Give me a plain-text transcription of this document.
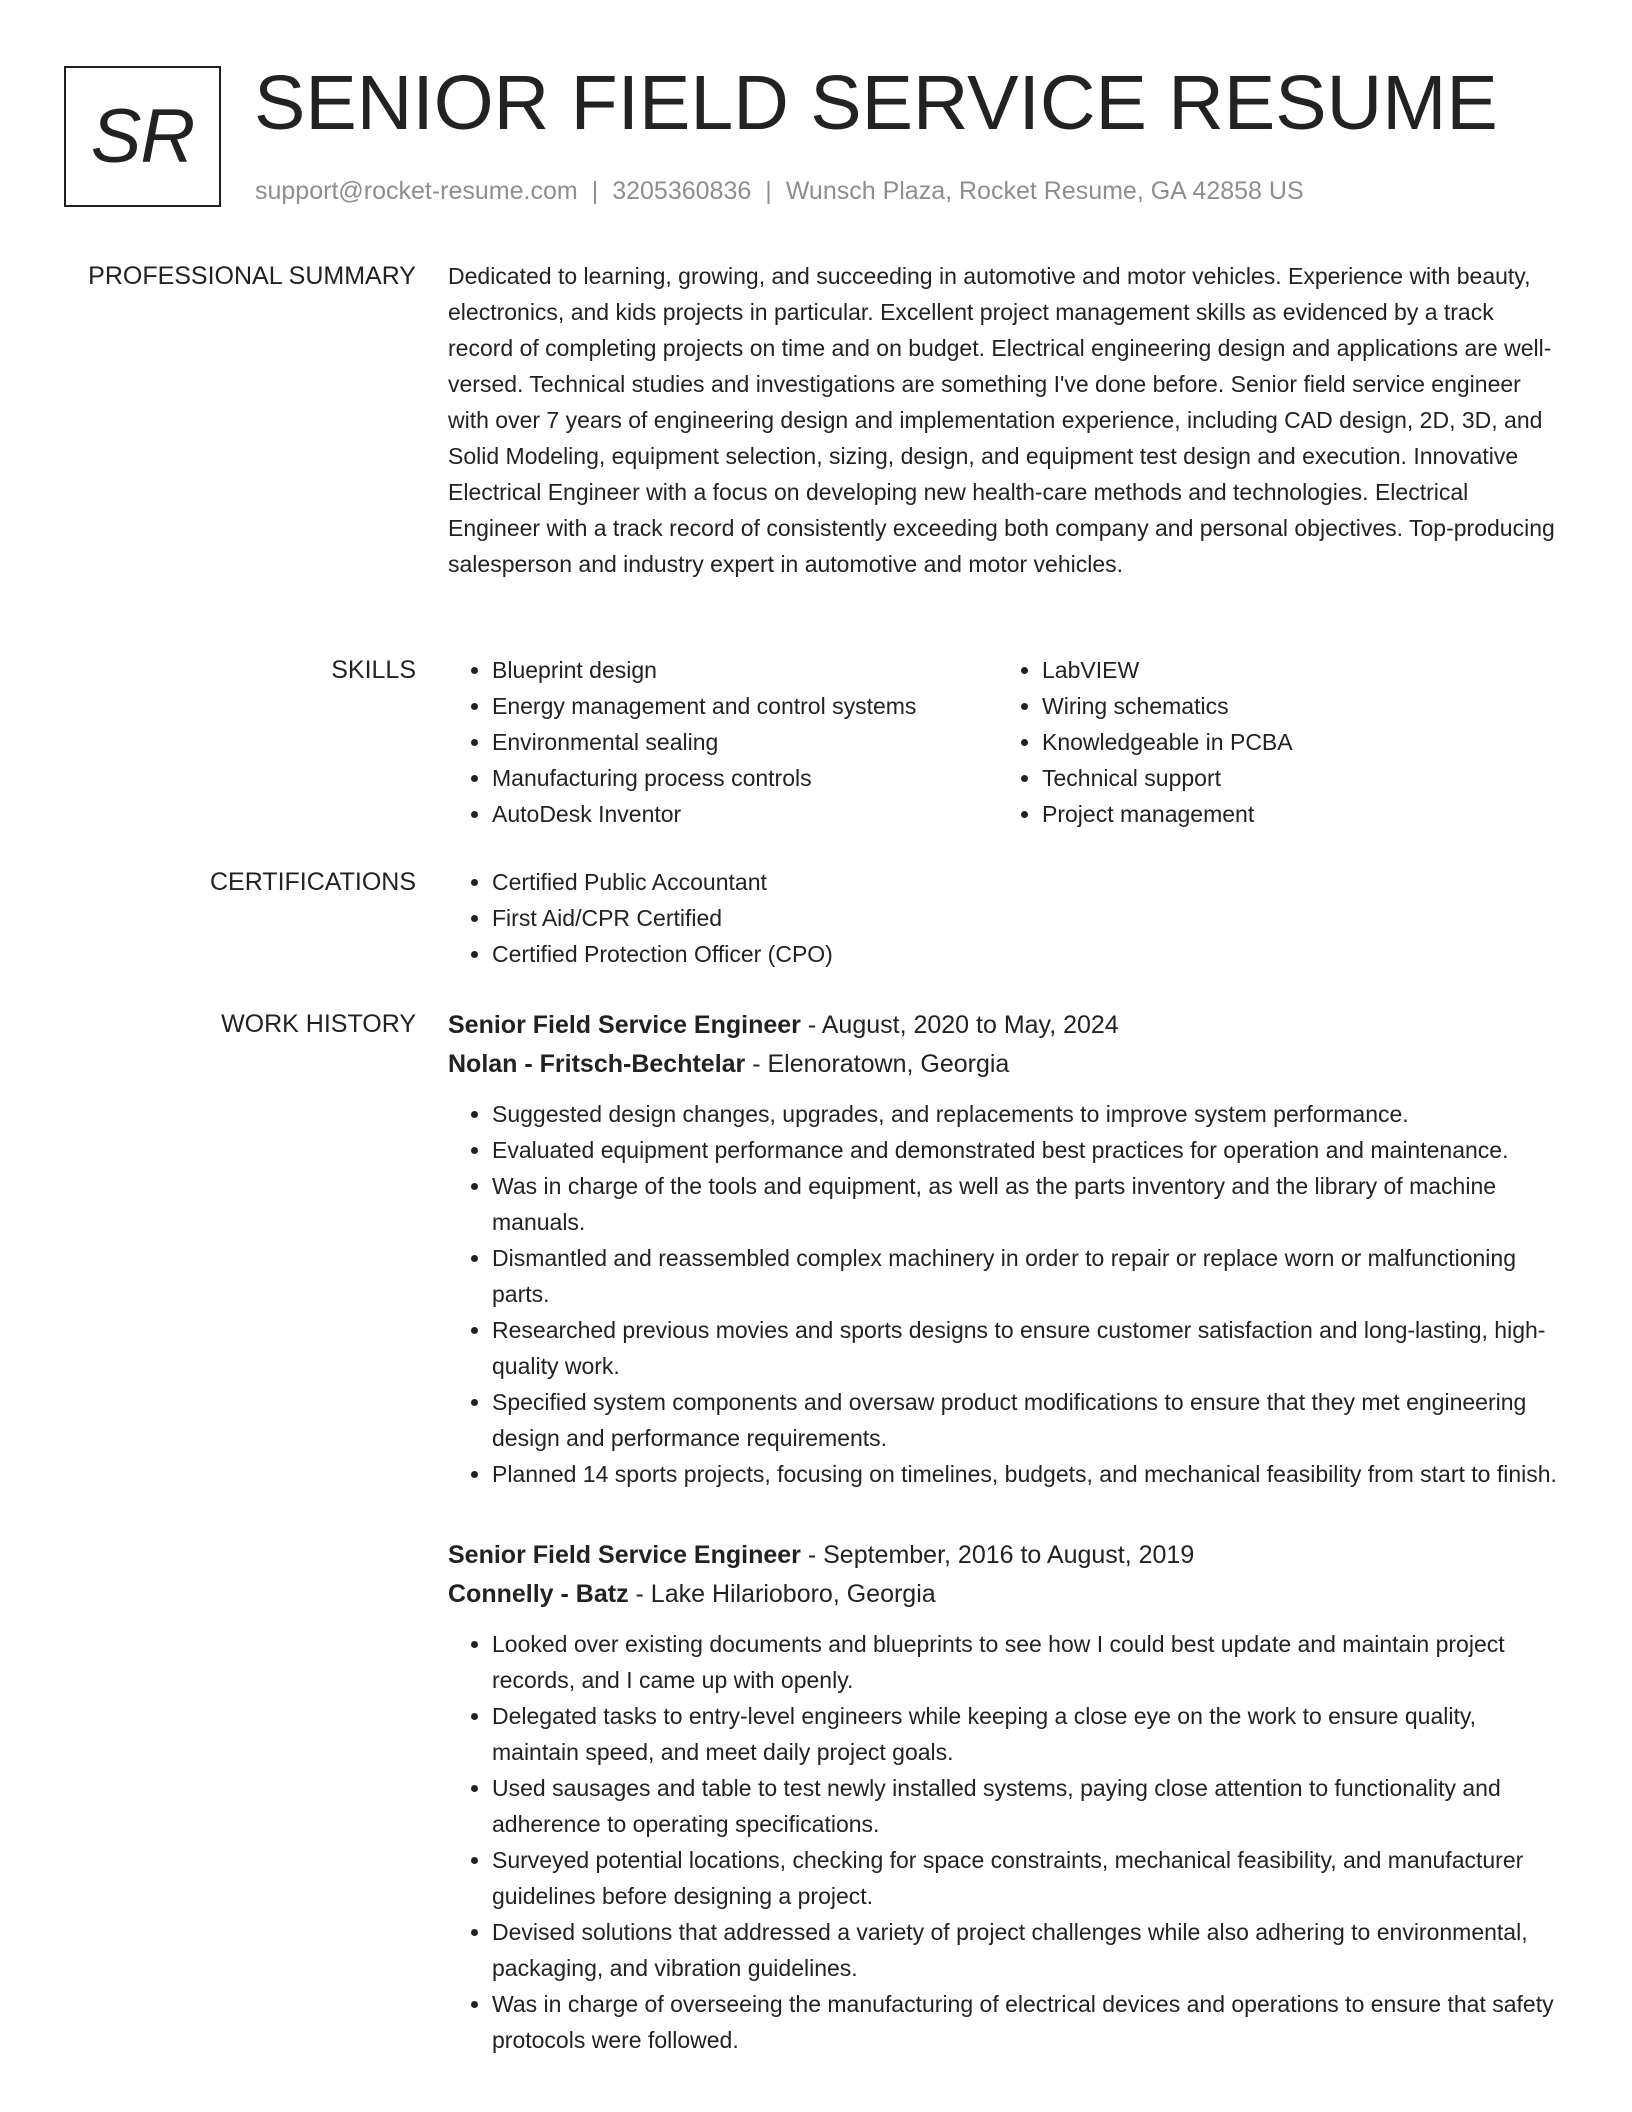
SR SENIOR FIELD SERVICE RESUME
support@rocket-resume.com | 3205360836 | Wunsch Plaza, Rocket Resume, GA 42858 US
PROFESSIONAL SUMMARY Dedicated to learning, growing, and succeeding in automotive and motor vehicles. Experience with beauty, electronics, and kids projects in particular. Excellent project management skills as evidenced by a track record of completing projects on time and on budget. Electrical engineering design and applications are well-versed. Technical studies and investigations are something I've done before. Senior field service engineer with over 7 years of engineering design and implementation experience, including CAD design, 2D, 3D, and Solid Modeling, equipment selection, sizing, design, and equipment test design and execution. Innovative Electrical Engineer with a focus on developing new health-care methods and technologies. Electrical Engineer with a track record of consistently exceeding both company and personal objectives. Top-producing salesperson and industry expert in automotive and motor vehicles.

SKILLS	• Blueprint design
• Energy management and control systems
• Environmental sealing
• Manufacturing process controls
• AutoDesk Inventor
• LabVIEW
• Wiring schematics
• Knowledgeable in PCBA
• Technical support
• Project management
CERTIFICATIONS	• Certified Public Accountant
• First Aid/CPR Certified
• Certified Protection Officer (CPO)
WORK HISTORY Senior Field Service Engineer - August, 2020 to May, 2024
Nolan - Fritsch-Bechtelar - Elenoratown, Georgia
• Suggested design changes, upgrades, and replacements to improve system performance.
• Evaluated equipment performance and demonstrated best practices for operation and maintenance.
• Was in charge of the tools and equipment, as well as the parts inventory and the library of machine manuals.
• Dismantled and reassembled complex machinery in order to repair or replace worn or malfunctioning parts.
• Researched previous movies and sports designs to ensure customer satisfaction and long-lasting, high-quality work.
• Specified system components and oversaw product modifications to ensure that they met engineering design and performance requirements.
• Planned 14 sports projects, focusing on timelines, budgets, and mechanical feasibility from start to finish.
Senior Field Service Engineer - September, 2016 to August, 2019
Connelly - Batz - Lake Hilarioboro, Georgia
• Looked over existing documents and blueprints to see how I could best update and maintain project records, and I came up with openly.
• Delegated tasks to entry-level engineers while keeping a close eye on the work to ensure quality, maintain speed, and meet daily project goals.
• Used sausages and table to test newly installed systems, paying close attention to functionality and adherence to operating specifications.
• Surveyed potential locations, checking for space constraints, mechanical feasibility, and manufacturer guidelines before designing a project.
• Devised solutions that addressed a variety of project challenges while also adhering to environmental, packaging, and vibration guidelines.
• Was in charge of overseeing the manufacturing of electrical devices and operations to ensure that safety protocols were followed.
